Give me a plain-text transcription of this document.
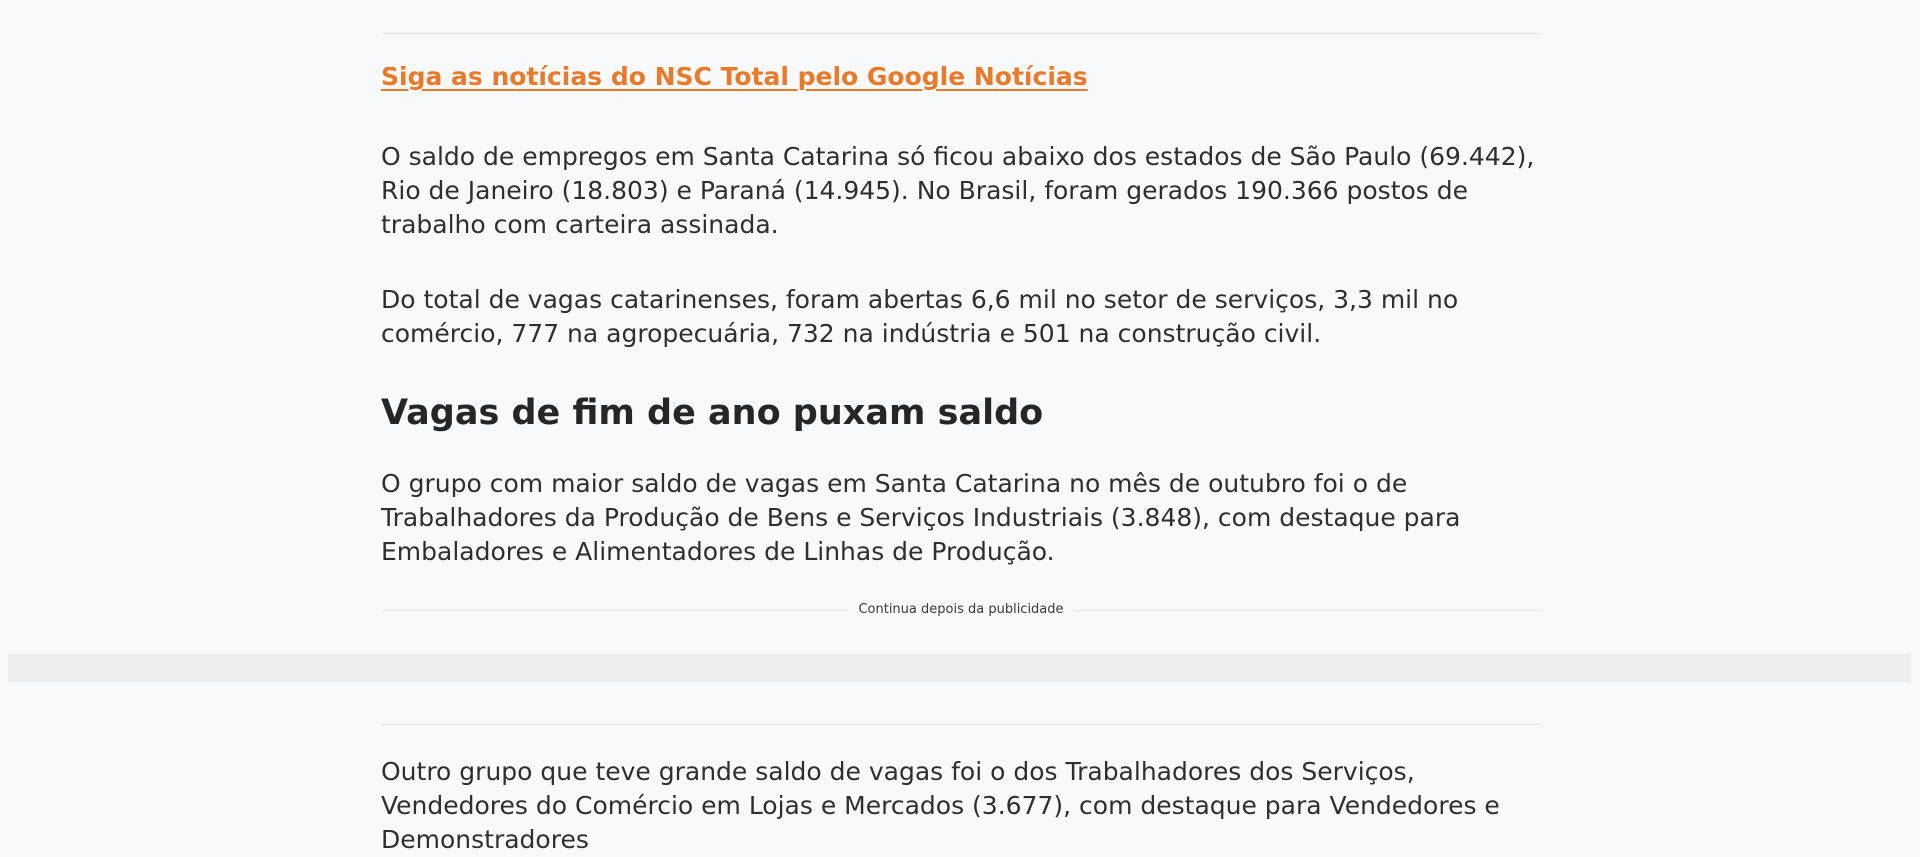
Siga as notícias do NSC Total pelo Google Notícias

O saldo de empregos em Santa Catarina só ficou abaixo dos estados de São Paulo (69.442), Rio de Janeiro (18.803) e Paraná (14.945). No Brasil, foram gerados 190.366 postos de trabalho com carteira assinada.

Do total de vagas catarinenses, foram abertas 6,6 mil no setor de serviços, 3,3 mil no comércio, 777 na agropecuária, 732 na indústria e 501 na construção civil.

Vagas de fim de ano puxam saldo

O grupo com maior saldo de vagas em Santa Catarina no mês de outubro foi o de Trabalhadores da Produção de Bens e Serviços Industriais (3.848), com destaque para Embaladores e Alimentadores de Linhas de Produção.

Continua depois da publicidade

Outro grupo que teve grande saldo de vagas foi o dos Trabalhadores dos Serviços, Vendedores do Comércio em Lojas e Mercados (3.677), com destaque para Vendedores e Demonstradores
